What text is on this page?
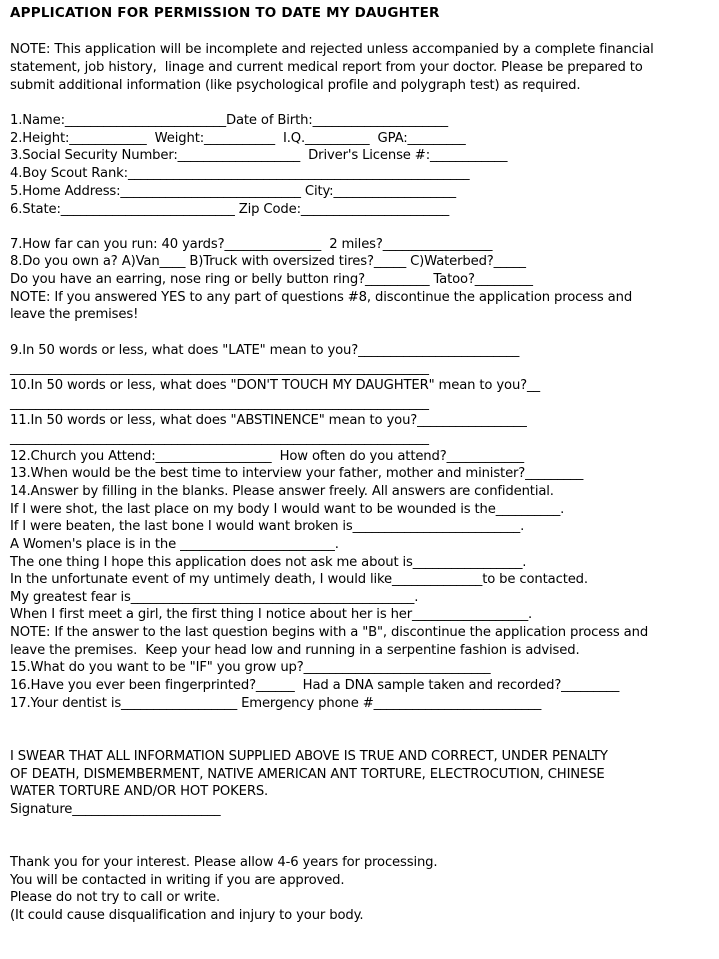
APPLICATION FOR PERMISSION TO DATE MY DAUGHTER
NOTE: This application will be incomplete and rejected unless accompanied by a complete financial
statement, job history,  linage and current medical report from your doctor. Please be prepared to
submit additional information (like psychological profile and polygraph test) as required.
1.Name:_________________________Date of Birth:_____________________
2.Height:____________  Weight:___________  I.Q.__________  GPA:_________
3.Social Security Number:___________________  Driver's License #:____________
4.Boy Scout Rank:_____________________________________________________
5.Home Address:____________________________ City:___________________
6.State:___________________________ Zip Code:_______________________
7.How far can you run: 40 yards?_______________  2 miles?_________________
8.Do you own a? A)Van____ B)Truck with oversized tires?_____ C)Waterbed?_____
Do you have an earring, nose ring or belly button ring?__________ Tatoo?_________
NOTE: If you answered YES to any part of questions #8, discontinue the application process and
leave the premises!
9.In 50 words or less, what does "LATE" mean to you?_________________________
_________________________________________________________________
10.In 50 words or less, what does "DON'T TOUCH MY DAUGHTER" mean to you?__
_________________________________________________________________
11.In 50 words or less, what does "ABSTINENCE" mean to you?_________________
_________________________________________________________________
12.Church you Attend:__________________  How often do you attend?____________
13.When would be the best time to interview your father, mother and minister?_________
14.Answer by filling in the blanks. Please answer freely. All answers are confidential.
If I were shot, the last place on my body I would want to be wounded is the__________.
If I were beaten, the last bone I would want broken is__________________________.
A Women's place is in the ________________________.
The one thing I hope this application does not ask me about is_________________.
In the unfortunate event of my untimely death, I would like______________to be contacted.
My greatest fear is____________________________________________.
When I first meet a girl, the first thing I notice about her is her__________________.
NOTE: If the answer to the last question begins with a "B", discontinue the application process and
leave the premises.  Keep your head low and running in a serpentine fashion is advised.
15.What do you want to be "IF" you grow up?_____________________________
16.Have you ever been fingerprinted?______  Had a DNA sample taken and recorded?_________
17.Your dentist is__________________ Emergency phone #__________________________
I SWEAR THAT ALL INFORMATION SUPPLIED ABOVE IS TRUE AND CORRECT, UNDER PENALTY
OF DEATH, DISMEMBERMENT, NATIVE AMERICAN ANT TORTURE, ELECTROCUTION, CHINESE
WATER TORTURE AND/OR HOT POKERS.
Signature_______________________
Thank you for your interest. Please allow 4-6 years for processing.
You will be contacted in writing if you are approved.
Please do not try to call or write.
(It could cause disqualification and injury to your body.
